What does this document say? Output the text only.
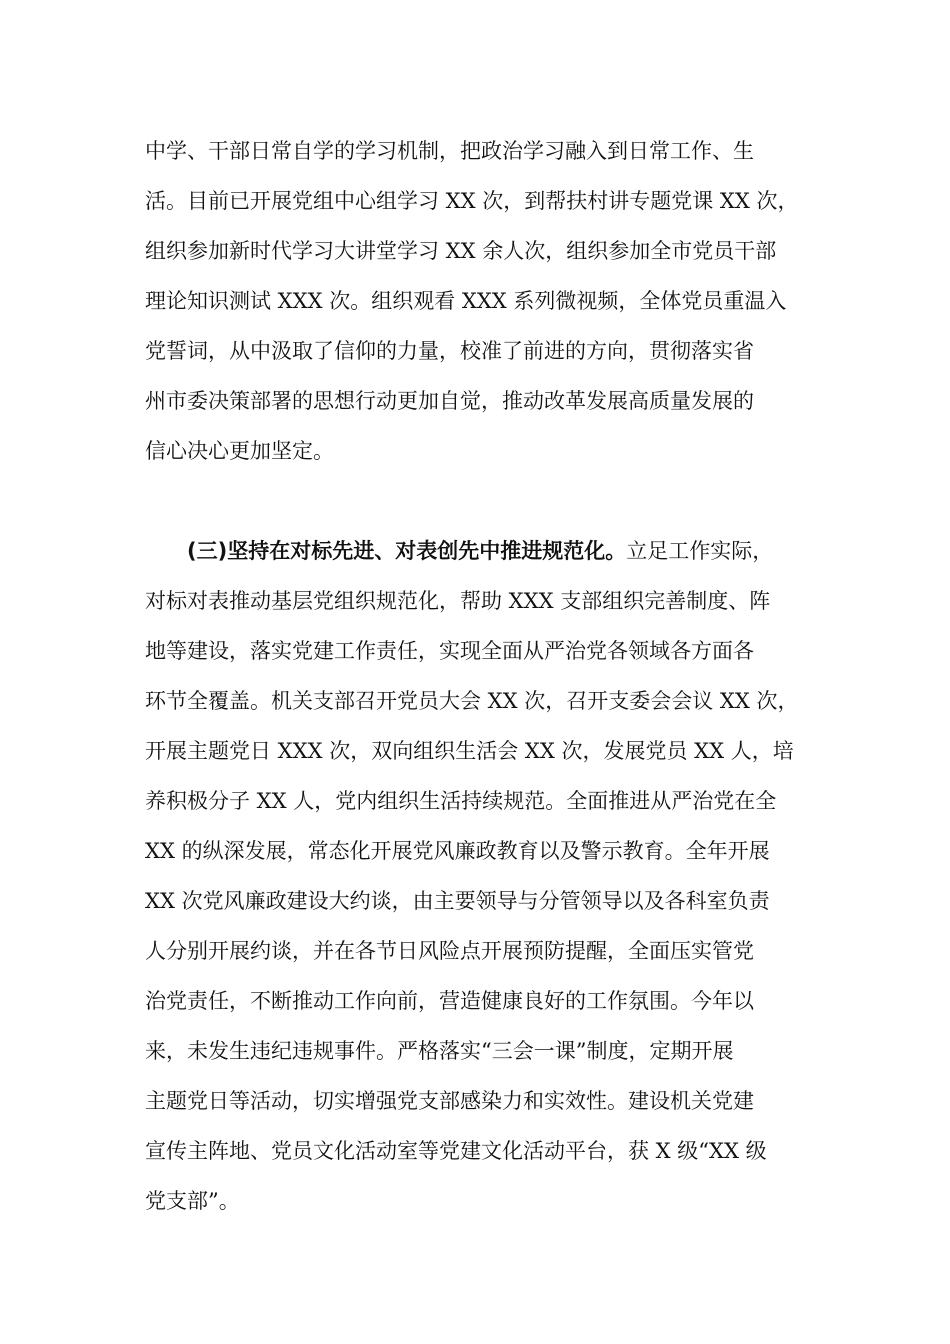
中学、干部日常自学的学习机制，把政治学习融入到日常工作、生
活。目前已开展党组中心组学习 XX 次，到帮扶村讲专题党课 XX 次，
组织参加新时代学习大讲堂学习 XX 余人次，组织参加全市党员干部
理论知识测试 XXX 次。组织观看 XXX 系列微视频，全体党员重温入
党誓词，从中汲取了信仰的力量，校准了前进的方向，贯彻落实省
州市委决策部署的思想行动更加自觉，推动改革发展高质量发展的
信心决心更加坚定。
(三)坚持在对标先进、对表创先中推进规范化。立足工作实际，
对标对表推动基层党组织规范化，帮助 XXX 支部组织完善制度、阵
地等建设，落实党建工作责任，实现全面从严治党各领域各方面各
环节全覆盖。机关支部召开党员大会 XX 次，召开支委会会议 XX 次，
开展主题党日 XXX 次，双向组织生活会 XX 次，发展党员 XX 人，培
养积极分子 XX 人，党内组织生活持续规范。全面推进从严治党在全
XX 的纵深发展，常态化开展党风廉政教育以及警示教育。全年开展
XX 次党风廉政建设大约谈，由主要领导与分管领导以及各科室负责
人分别开展约谈，并在各节日风险点开展预防提醒，全面压实管党
治党责任，不断推动工作向前，营造健康良好的工作氛围。今年以
来，未发生违纪违规事件。严格落实“三会一课”制度，定期开展
主题党日等活动，切实增强党支部感染力和实效性。建设机关党建
宣传主阵地、党员文化活动室等党建文化活动平台，获 X 级“XX 级
党支部”。
